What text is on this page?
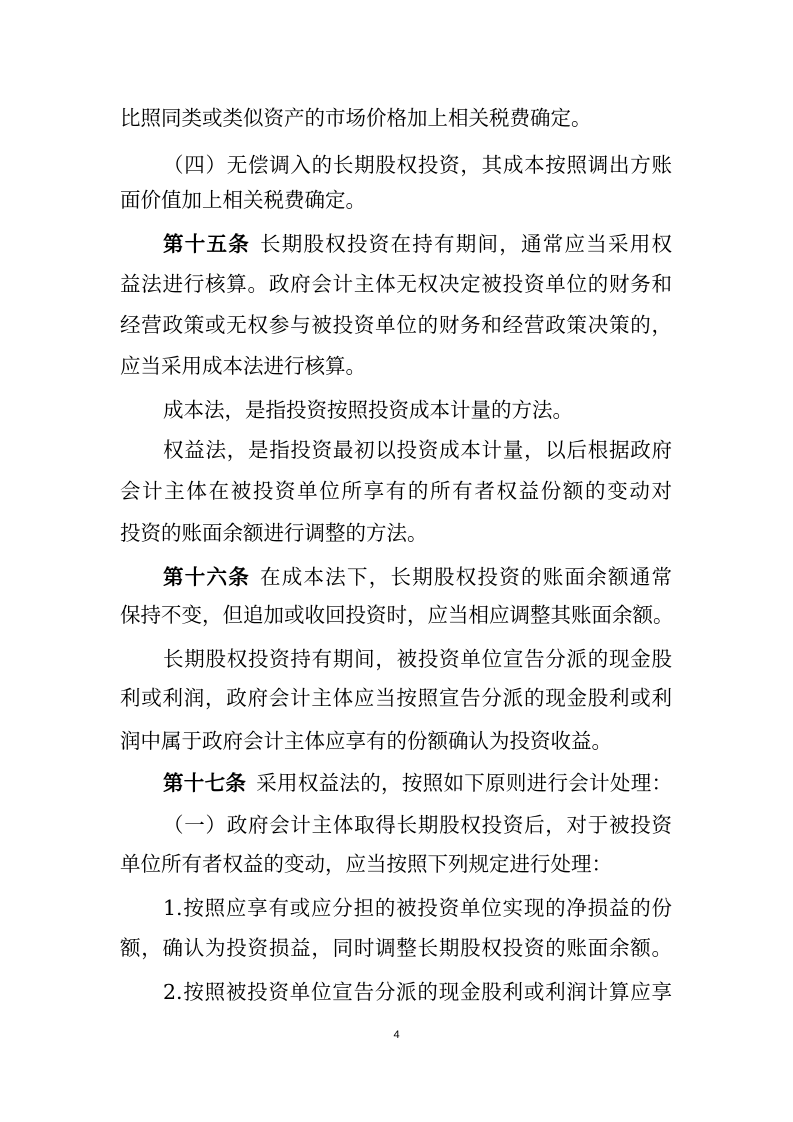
比照同类或类似资产的市场价格加上相关税费确定。
（四）无偿调入的长期股权投资，其成本按照调出方账
面价值加上相关税费确定。
第十五条 长期股权投资在持有期间，通常应当采用权
益法进行核算。政府会计主体无权决定被投资单位的财务和
经营政策或无权参与被投资单位的财务和经营政策决策的，
应当采用成本法进行核算。
成本法，是指投资按照投资成本计量的方法。
权益法，是指投资最初以投资成本计量，以后根据政府
会计主体在被投资单位所享有的所有者权益份额的变动对
投资的账面余额进行调整的方法。
第十六条 在成本法下，长期股权投资的账面余额通常
保持不变，但追加或收回投资时，应当相应调整其账面余额。
长期股权投资持有期间，被投资单位宣告分派的现金股
利或利润，政府会计主体应当按照宣告分派的现金股利或利
润中属于政府会计主体应享有的份额确认为投资收益。
第十七条 采用权益法的，按照如下原则进行会计处理：
（一）政府会计主体取得长期股权投资后，对于被投资
单位所有者权益的变动，应当按照下列规定进行处理：
1.按照应享有或应分担的被投资单位实现的净损益的份
额，确认为投资损益，同时调整长期股权投资的账面余额。
2.按照被投资单位宣告分派的现金股利或利润计算应享
4
